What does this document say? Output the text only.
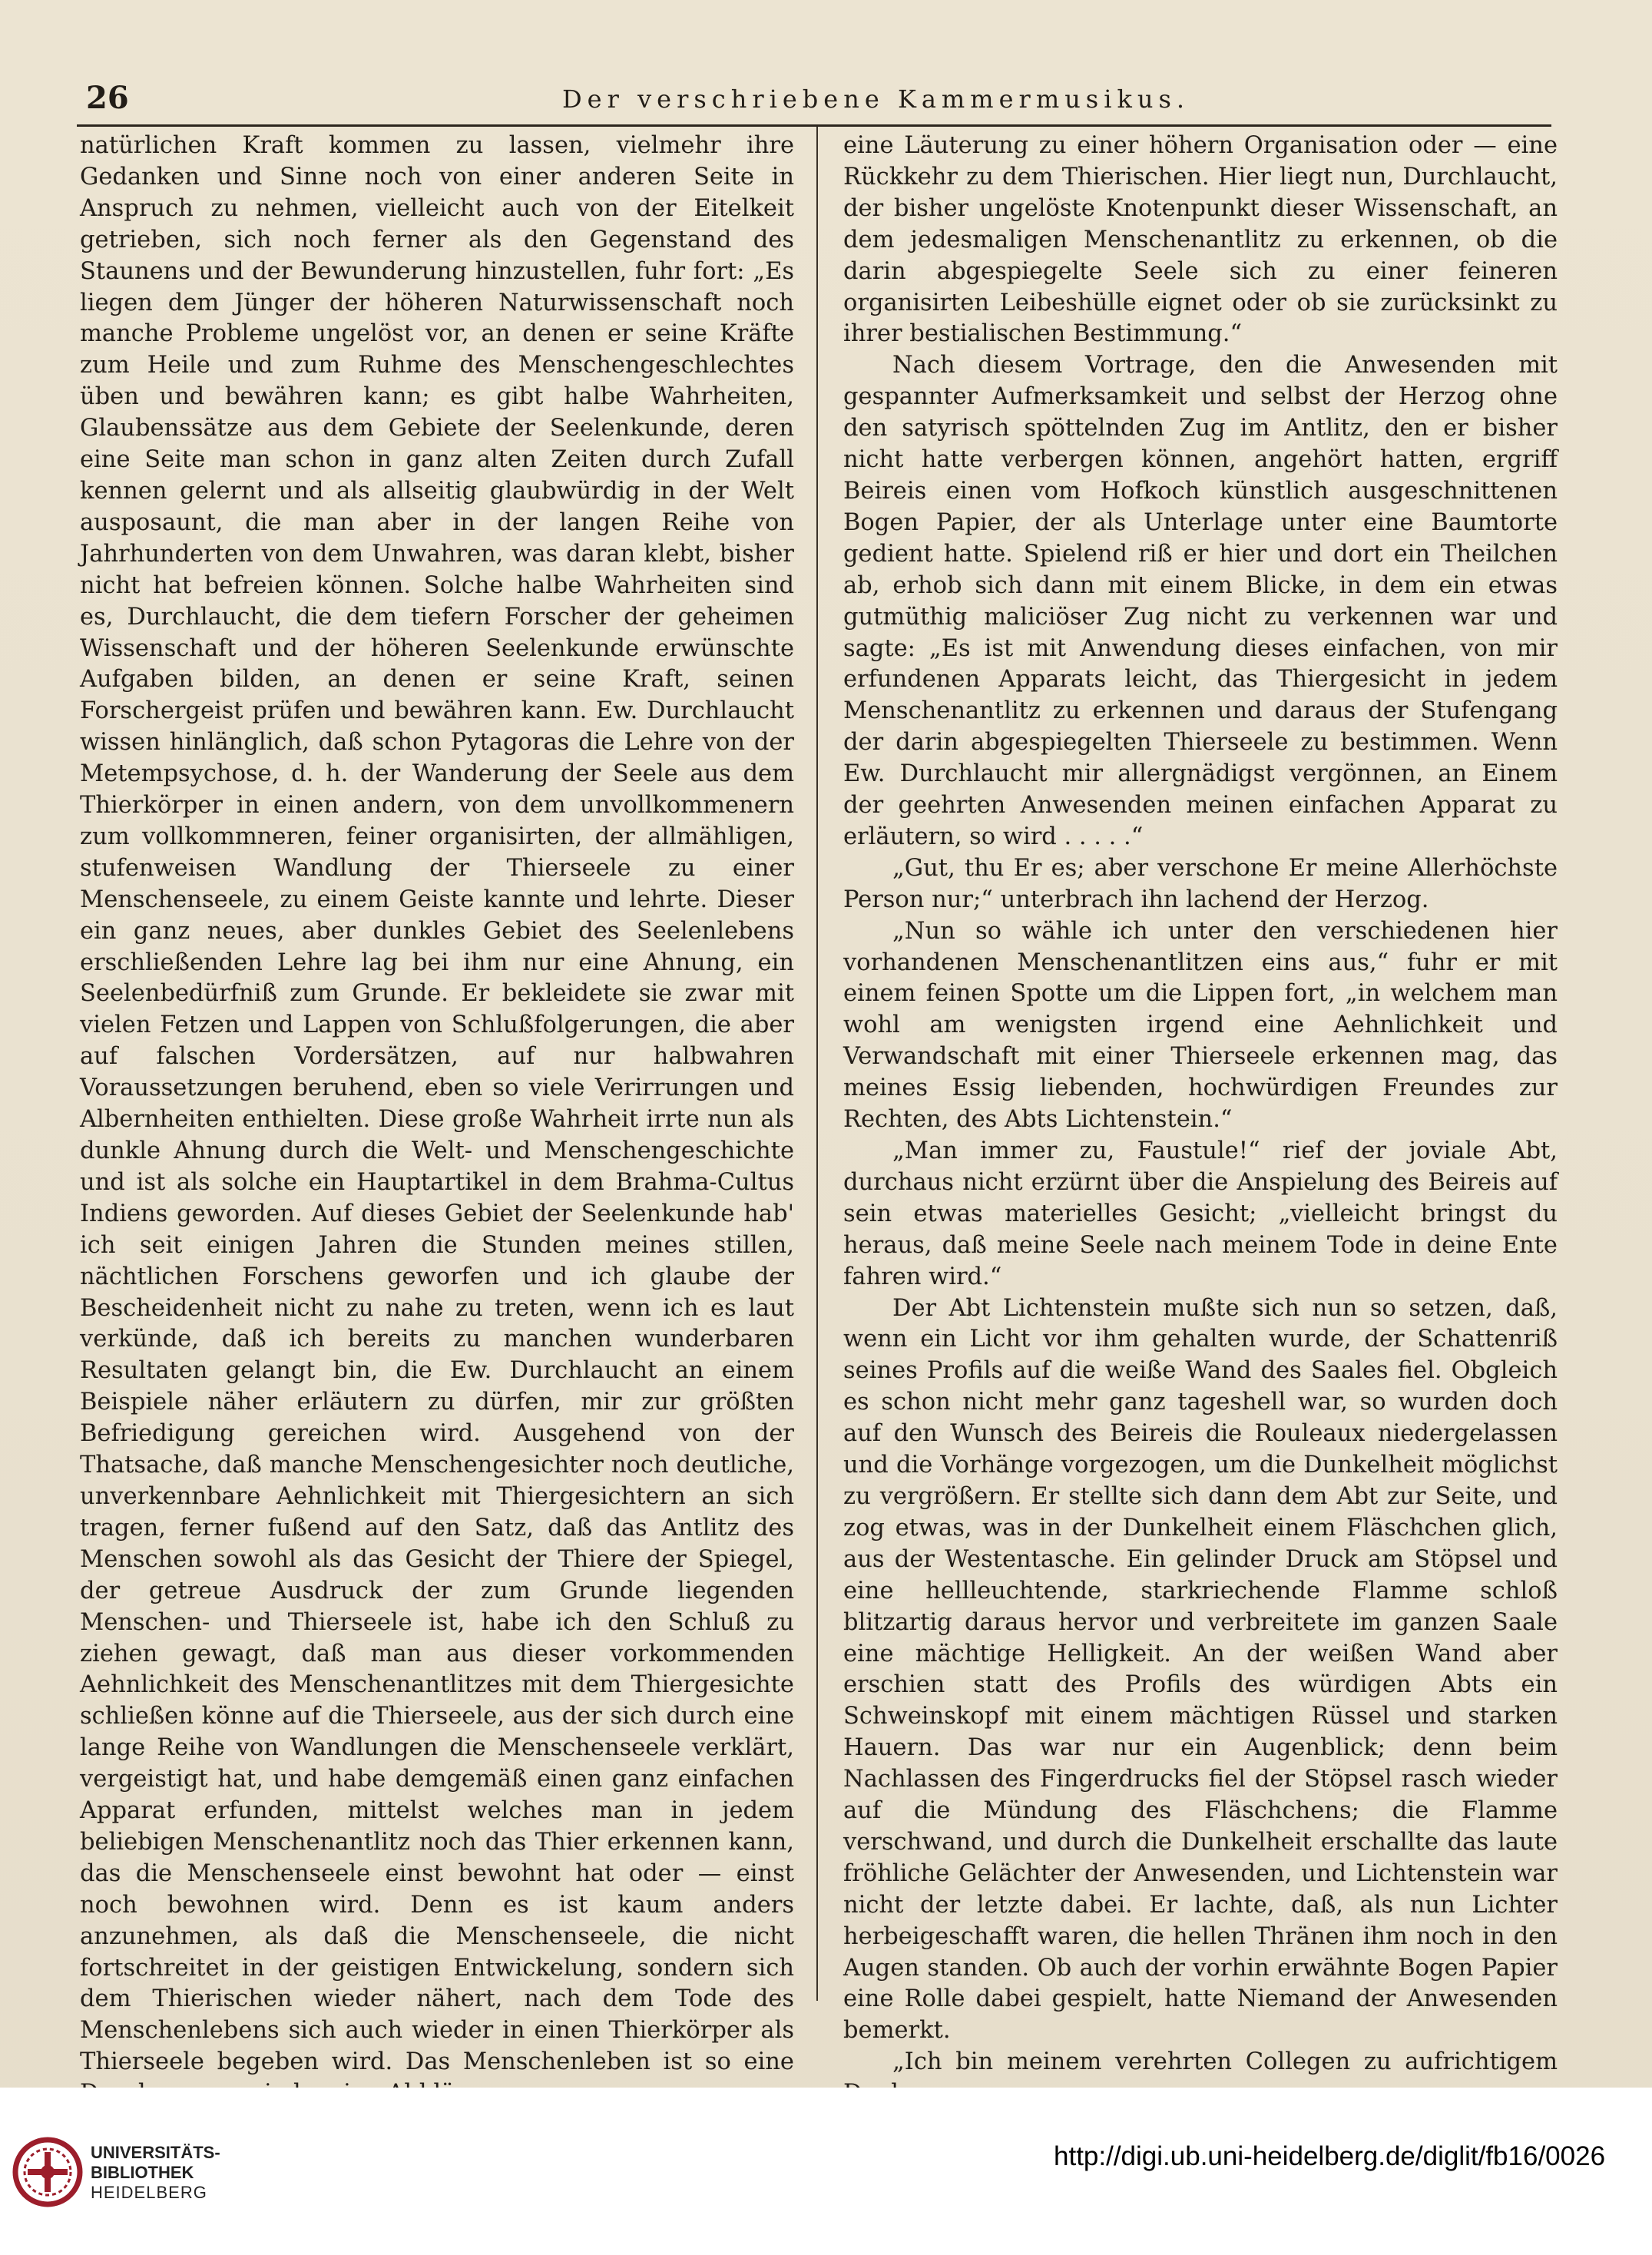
26	Der verschriebene Kammermusikus.

natürlichen Kraft kommen zu lassen, vielmehr ihre Gedanken und Sinne noch von einer anderen Seite in Anspruch zu nehmen, vielleicht auch von der Eitelkeit getrieben, sich noch ferner als den Gegenstand des Staunens und der Bewunderung hinzustellen, fuhr fort: „Es liegen dem Jünger der höheren Naturwissenschaft noch manche Probleme ungelöst vor, an denen er seine Kräfte zum Heile und zum Ruhme des Menschengeschlechtes üben und bewähren kann; es gibt halbe Wahrheiten, Glaubenssätze aus dem Gebiete der Seelenkunde, deren eine Seite man schon in ganz alten Zeiten durch Zufall kennen gelernt und als allseitig glaubwürdig in der Welt ausposaunt, die man aber in der langen Reihe von Jahrhunderten von dem Unwahren, was daran klebt, bisher nicht hat befreien können. Solche halbe Wahrheiten sind es, Durchlaucht, die dem tiefern Forscher der geheimen Wissenschaft und der höheren Seelenkunde erwünschte Aufgaben bilden, an denen er seine Kraft, seinen Forschergeist prüfen und bewähren kann. Ew. Durchlaucht wissen hinlänglich, daß schon Pytagoras die Lehre von der Metempsychose, d. h. der Wanderung der Seele aus dem Thierkörper in einen andern, von dem unvollkommenern zum vollkommneren, feiner organisirten, der allmähligen, stufenweisen Wandlung der Thierseele zu einer Menschenseele, zu einem Geiste kannte und lehrte. Dieser ein ganz neues, aber dunkles Gebiet des Seelenlebens erschließenden Lehre lag bei ihm nur eine Ahnung, ein Seelenbedürfniß zum Grunde. Er bekleidete sie zwar mit vielen Fetzen und Lappen von Schlußfolgerungen, die aber auf falschen Vordersätzen, auf nur halbwahren Voraussetzungen beruhend, eben so viele Verirrungen und Albernheiten enthielten. Diese große Wahrheit irrte nun als dunkle Ahnung durch die Welt- und Menschengeschichte und ist als solche ein Hauptartikel in dem Brahma-Cultus Indiens geworden. Auf dieses Gebiet der Seelenkunde hab' ich seit einigen Jahren die Stunden meines stillen, nächtlichen Forschens geworfen und ich glaube der Bescheidenheit nicht zu nahe zu treten, wenn ich es laut verkünde, daß ich bereits zu manchen wunderbaren Resultaten gelangt bin, die Ew. Durchlaucht an einem Beispiele näher erläutern zu dürfen, mir zur größten Befriedigung gereichen wird. Ausgehend von der Thatsache, daß manche Menschengesichter noch deutliche, unverkennbare Aehnlichkeit mit Thiergesichtern an sich tragen, ferner fußend auf den Satz, daß das Antlitz des Menschen sowohl als das Gesicht der Thiere der Spiegel, der getreue Ausdruck der zum Grunde liegenden Menschen- und Thierseele ist, habe ich den Schluß zu ziehen gewagt, daß man aus dieser vorkommenden Aehnlichkeit des Menschenantlitzes mit dem Thiergesichte schließen könne auf die Thierseele, aus der sich durch eine lange Reihe von Wandlungen die Menschenseele verklärt, vergeistigt hat, und habe demgemäß einen ganz einfachen Apparat erfunden, mittelst welches man in jedem beliebigen Menschenantlitz noch das Thier erkennen kann, das die Menschenseele einst bewohnt hat oder — einst noch bewohnen wird. Denn es ist kaum anders anzunehmen, als daß die Menschenseele, die nicht fortschreitet in der geistigen Entwickelung, sondern sich dem Thierischen wieder nähert, nach dem Tode des Menschenlebens sich auch wieder in einen Thierkörper als Thierseele begeben wird. Das Menschenleben ist so eine

eine Läuterung zu einer höhern Organisation oder — eine Rückkehr zu dem Thierischen. Hier liegt nun, Durchlaucht, der bisher ungelöste Knotenpunkt dieser Wissenschaft, an dem jedesmaligen Menschenantlitz zu erkennen, ob die darin abgespiegelte Seele sich zu einer feineren organisirten Leibeshülle eignet oder ob sie zurücksinkt zu ihrer bestialischen Bestimmung.“

Nach diesem Vortrage, den die Anwesenden mit gespannter Aufmerksamkeit und selbst der Herzog ohne den satyrisch spöttelnden Zug im Antlitz, den er bisher nicht hatte verbergen können, angehört hatten, ergriff Beireis einen vom Hofkoch künstlich ausgeschnittenen Bogen Papier, der als Unterlage unter eine Baumtorte gedient hatte. Spielend riß er hier und dort ein Theilchen ab, erhob sich dann mit einem Blicke, in dem ein etwas gutmüthig maliciöser Zug nicht zu verkennen war und sagte: „Es ist mit Anwendung dieses einfachen, von mir erfundenen Apparats leicht, das Thiergesicht in jedem Menschenantlitz zu erkennen und daraus der Stufengang der darin abgespiegelten Thierseele zu bestimmen. Wenn Ew. Durchlaucht mir allergnädigst vergönnen, an Einem der geehrten Anwesenden meinen einfachen Apparat zu erläutern, so wird . . . . .“

„Gut, thu Er es; aber verschone Er meine Allerhöchste Person nur;“ unterbrach ihn lachend der Herzog.

„Nun so wähle ich unter den verschiedenen hier vorhandenen Menschenantlitzen eins aus,“ fuhr er mit einem feinen Spotte um die Lippen fort, „in welchem man wohl am wenigsten irgend eine Aehnlichkeit und Verwandschaft mit einer Thierseele erkennen mag, das meines Essig liebenden, hochwürdigen Freundes zur Rechten, des Abts Lichtenstein.“

„Man immer zu, Faustule!“ rief der joviale Abt, durchaus nicht erzürnt über die Anspielung des Beireis auf sein etwas materielles Gesicht; „vielleicht bringst du heraus, daß meine Seele nach meinem Tode in deine Ente fahren wird.“

Der Abt Lichtenstein mußte sich nun so setzen, daß, wenn ein Licht vor ihm gehalten wurde, der Schattenriß seines Profils auf die weiße Wand des Saales fiel. Obgleich es schon nicht mehr ganz tageshell war, so wurden doch auf den Wunsch des Beireis die Rouleaux niedergelassen und die Vorhänge vorgezogen, um die Dunkelheit möglichst zu vergrößern. Er stellte sich dann dem Abt zur Seite, und zog etwas, was in der Dunkelheit einem Fläschchen glich, aus der Westentasche. Ein gelinder Druck am Stöpsel und eine hellleuchtende, starkriechende Flamme schloß blitzartig daraus hervor und verbreitete im ganzen Saale eine mächtige Helligkeit. An der weißen Wand aber erschien statt des Profils des würdigen Abts ein Schweinskopf mit einem mächtigen Rüssel und starken Hauern. Das war nur ein Augenblick; denn beim Nachlassen des Fingerdrucks fiel der Stöpsel rasch wieder auf die Mündung des Fläschchens; die Flamme verschwand, und durch die Dunkelheit erschallte das laute fröhliche Gelächter der Anwesenden, und Lichtenstein war nicht der letzte dabei. Er lachte, daß, als nun Lichter herbeigeschafft waren, die hellen Thränen ihm noch in den Augen standen. Ob auch der vorhin erwähnte Bogen Papier eine Rolle dabei gespielt, hatte Niemand der Anwesenden bemerkt.

„Ich bin meinem verehrten Collegen zu aufrichtigem

UNIVERSITÄTS-
BIBLIOTHEK
HEIDELBERG
http://digi.ub.uni-heidelberg.de/diglit/fb16/0026
